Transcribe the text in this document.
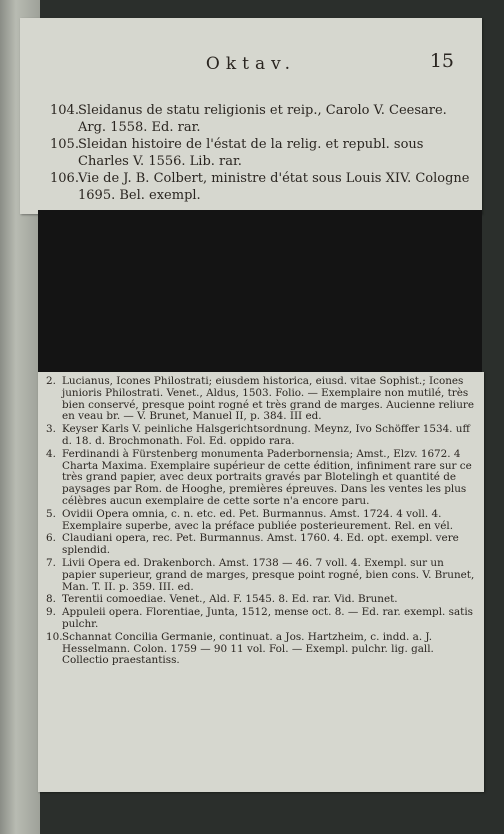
Oktav.	15
104. Sleidanus de statu religionis et reip., Carolo V. Ceesare. Arg. 1558. Ed. rar.
105. Sleidan histoire de l'éstat de la relig. et republ. sous Charles V. 1556. Lib. rar.
106. Vie de J. B. Colbert, ministre d'état sous Louis XIV. Cologne 1695. Bel. exempl.
2. Lucianus, Icones Philostrati; eiusdem historica, eiusd. vitae Sophist.; Icones junioris Philostrati. Venet., Aldus, 1503. Folio. — Exemplaire non mutilé, très bien conservé, presque point rogné et très grand de marges. Aucienne reliure en veau br. — V. Brunet, Manuel II, p. 384. III ed.
3. Keyser Karls V. peinliche Halsgerichtsordnung. Meynz, Ivo Schöffer 1534. uff d. 18. d. Brochmonath. Fol. Ed. oppido rara.
4. Ferdinandi à Fürstenberg monumenta Paderbornensia; Amst., Elzv. 1672. 4 Charta Maxima. Exemplaire supérieur de cette édition, infiniment rare sur ce très grand papier, avec deux portraits gravés par Blotelingh et quantité de paysages par Rom. de Hooghe, premières épreuves. Dans les ventes les plus célèbres aucun exemplaire de cette sorte n'a encore paru.
5. Ovidii Opera omnia, c. n. etc. ed. Pet. Burmannus. Amst. 1724. 4 voll. 4. Exemplaire superbe, avec la préface publiée posterieurement. Rel. en vél.
6. Claudiani opera, rec. Pet. Burmannus. Amst. 1760. 4. Ed. opt. exempl. vere splendid.
7. Livii Opera ed. Drakenborch. Amst. 1738 — 46. 7 voll. 4. Exempl. sur un papier superieur, grand de marges, presque point rogné, bien cons. V. Brunet, Man. T. II. p. 359. III. ed.
8. Terentii comoediae. Venet., Ald. F. 1545. 8. Ed. rar. Vid. Brunet.
9. Appuleii opera. Florentiae, Junta, 1512, mense oct. 8. — Ed. rar. exempl. satis pulchr.
10. Schannat Concilia Germanie, continuat. a Jos. Hartzheim, c. indd. a. J. Hesselmann. Colon. 1759 — 90 11 vol. Fol. — Exempl. pulchr. lig. gall. Collectio praestantiss.
